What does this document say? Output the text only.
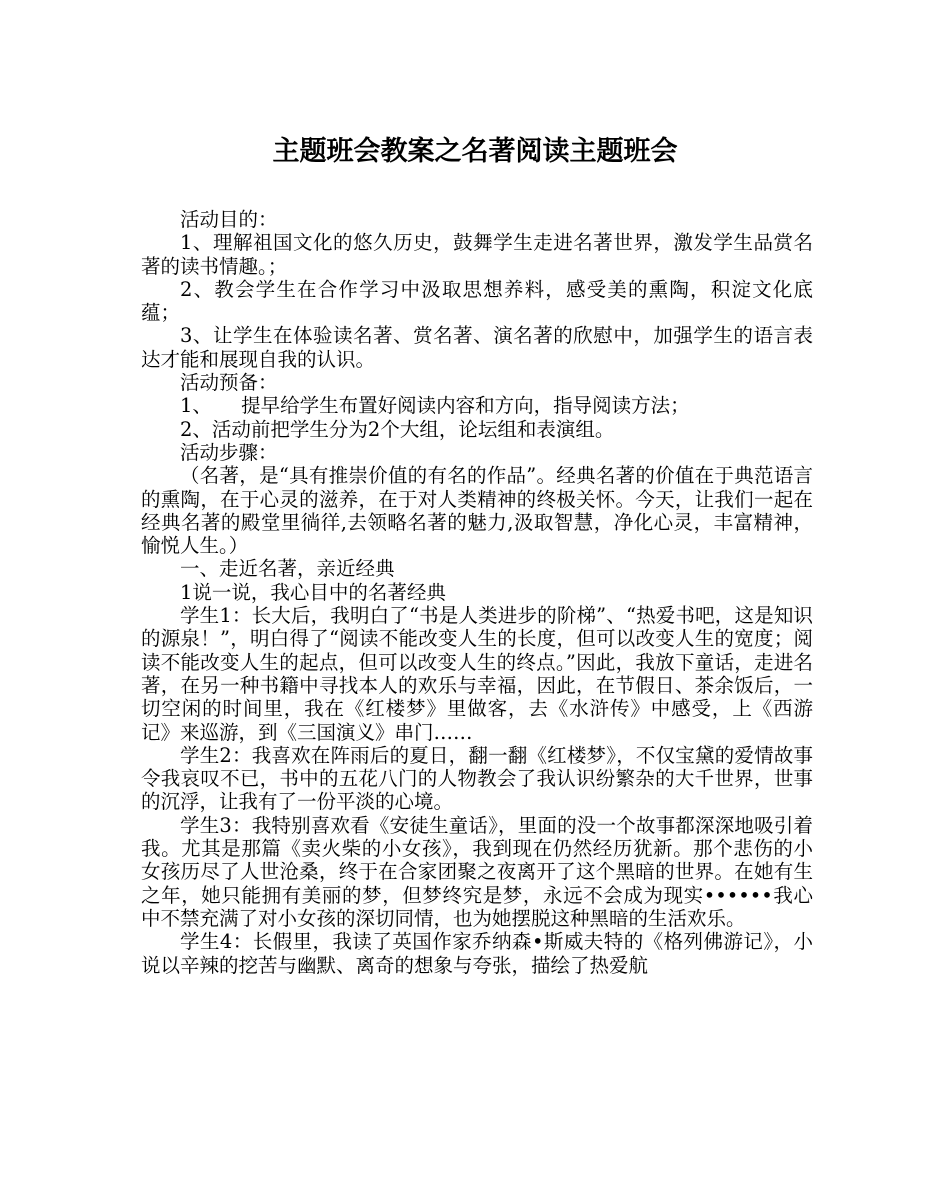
主题班会教案之名著阅读主题班会

活动目的：

1、理解祖国文化的悠久历史，鼓舞学生走进名著世界，激发学生品赏名著的读书情趣。；

2、教会学生在合作学习中汲取思想养料，感受美的熏陶，积淀文化底蕴；

3、让学生在体验读名著、赏名著、演名著的欣慰中，加强学生的语言表达才能和展现自我的认识。

活动预备：

1、　　提早给学生布置好阅读内容和方向，指导阅读方法；

2、活动前把学生分为2个大组，论坛组和表演组。

活动步骤：

（名著，是“具有推崇价值的有名的作品”。经典名著的价值在于典范语言的熏陶，在于心灵的滋养，在于对人类精神的终极关怀。今天，让我们一起在经典名著的殿堂里徜徉,去领略名著的魅力,汲取智慧，净化心灵，丰富精神，愉悦人生。）

一、走近名著，亲近经典

1说一说，我心目中的名著经典

学生1：长大后，我明白了“书是人类进步的阶梯”、“热爱书吧，这是知识的源泉！”，明白得了“阅读不能改变人生的长度，但可以改变人生的宽度；阅读不能改变人生的起点，但可以改变人生的终点。”因此，我放下童话，走进名著，在另一种书籍中寻找本人的欢乐与幸福，因此，在节假日、茶余饭后，一切空闲的时间里，我在《红楼梦》里做客，去《水浒传》中感受，上《西游记》来巡游，到《三国演义》串门……

学生2：我喜欢在阵雨后的夏日，翻一翻《红楼梦》，不仅宝黛的爱情故事令我哀叹不已，书中的五花八门的人物教会了我认识纷繁杂的大千世界，世事的沉浮，让我有了一份平淡的心境。

学生3：我特别喜欢看《安徒生童话》，里面的没一个故事都深深地吸引着我。尤其是那篇《卖火柴的小女孩》，我到现在仍然经历犹新。那个悲伤的小女孩历尽了人世沧桑，终于在合家团聚之夜离开了这个黑暗的世界。在她有生之年，她只能拥有美丽的梦，但梦终究是梦，永远不会成为现实••••••我心中不禁充满了对小女孩的深切同情，也为她摆脱这种黑暗的生活欢乐。

学生4：长假里，我读了英国作家乔纳森•斯威夫特的《格列佛游记》，小说以辛辣的挖苦与幽默、离奇的想象与夸张，描绘了热爱航
